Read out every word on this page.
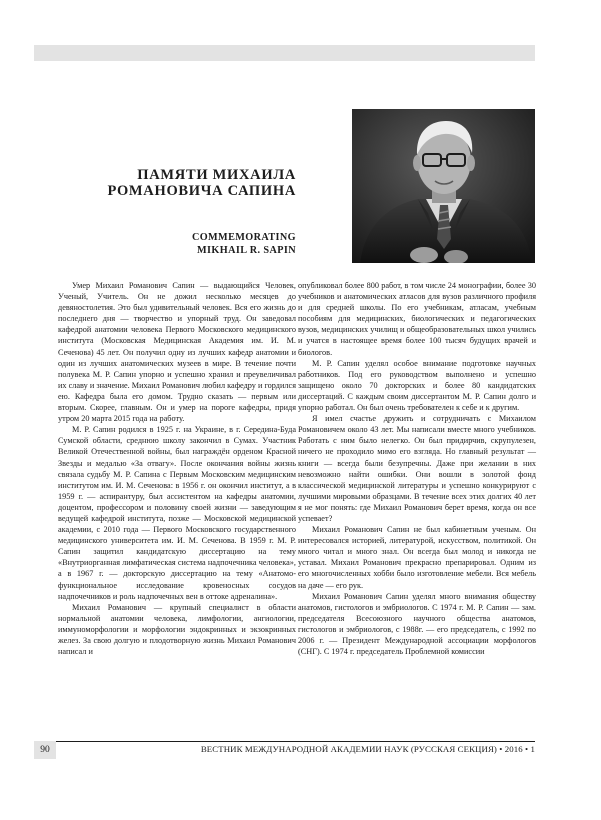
ПАМЯТИ МИХАИЛА
РОМАНОВИЧА САПИНА
COMMEMORATING
MIKHAIL R. SAPIN

Умер Михаил Романович Сапин — выдающийся Человек, Ученый, Учитель. Он не дожил несколько месяцев до девяностолетия. Это был удивительный человек. Вся его жизнь до последнего дня — творчество и упорный труд. Он заведовал кафедрой анатомии человека Первого Московского медицинского института (Московская Медицинская Академия им. И. М. Сеченова) 45 лет. Он получил одну из лучших кафедр анатомии и один из лучших анатомических музеев в мире. В течение почти полувека М. Р. Сапин упорно и успешно хранил и преувеличивал их славу и значение. Михаил Романович любил кафедру и гордился ею. Кафедра была его домом. Трудно сказать — первым или вторым. Скорее, главным. Он и умер на пороге кафедры, придя утром 20 марта 2015 года на работу.

М. Р. Сапин родился в 1925 г. на Украине, в г. Середина-Буда Сумской области, среднюю школу закончил в Сумах. Участник Великой Отечественной войны, был награждён орденом Красной Звезды и медалью «За отвагу». После окончания войны жизнь связала судьбу М. Р. Сапина с Первым Московским медицинским институтом им. И. М. Сеченова: в 1956 г. он окончил институт, а в 1959 г. — аспирантуру, был ассистентом на кафедры анатомии, доцентом, профессором и половину своей жизни — заведующим ведущей кафедрой института, позже — Московской медицинской академии, с 2010 года — Первого Московского государственного медицинского университета им. И. М. Сеченова. В 1959 г. М. Р. Сапин защитил кандидатскую диссертацию на тему «Внутриорганная лимфатическая система надпочечника человека», а в 1967 г. — докторскую диссертацию на тему «Анатомо-функциональное исследование кровеносных сосудов надпочечников и роль надпочечных вен в оттоке адреналина».

Михаил Романович — крупный специалист в области нормальной анатомии человека, лимфологии, ангиологии, иммуноморфологии и морфологии эндокринных и экзокринных желез. За свою долгую и плодотворную жизнь Михаил Романович написал и

опубликовал более 800 работ, в том числе 24 монографии, более 30 учебников и анатомических атласов для вузов различного профиля и для средней школы. По его учебникам, атласам, учебным пособиям для медицинских, биологических и педагогических вузов, медицинских училищ и общеобразовательных школ учились и учатся в настоящее время более 100 тысяч будущих врачей и биологов.

М. Р. Сапин уделял особое внимание подготовке научных работников. Под его руководством выполнено и успешно защищено около 70 докторских и более 80 кандидатских диссертаций. С каждым своим диссертантом М. Р. Сапин долго и упорно работал. Он был очень требователен к себе и к другим.

Я имел счастье дружить и сотрудничать с Михаилом Романовичем около 43 лет. Мы написали вместе много учебников. Работать с ним было нелегко. Он был придирчив, скрупулезен, ничего не проходило мимо его взгляда. Но главный результат — книги — всегда были безупречны. Даже при желании в них невозможно найти ошибки. Они вошли в золотой фонд классической медицинской литературы и успешно конкурируют с лучшими мировыми образцами. В течение всех этих долгих 40 лет я не мог понять: где Михаил Романович берет время, когда он все успевает?

Михаил Романович Сапин не был кабинетным ученым. Он интересовался историей, литературой, искусством, политикой. Он много читал и много знал. Он всегда был молод и никогда не уставал. Михаил Романович прекрасно препарировал. Одним из его многочисленных хобби было изготовление мебели. Вся мебель на даче — его рук.

Михаил Романович Сапин уделял много внимания обществу анатомов, гистологов и эмбриологов. С 1974 г. М. Р. Сапин — зам. председателя Всесоюзного научного общества анатомов, гистологов и эмбриологов, с 1988г. — его председатель, с 1992 по 2006 г. — Президент Международной ассоциации морфологов (СНГ). С 1974 г. председатель Проблемной комиссии

90	ВЕСТНИК МЕЖДУНАРОДНОЙ АКАДЕМИИ НАУК (РУССКАЯ СЕКЦИЯ) • 2016 • 1
